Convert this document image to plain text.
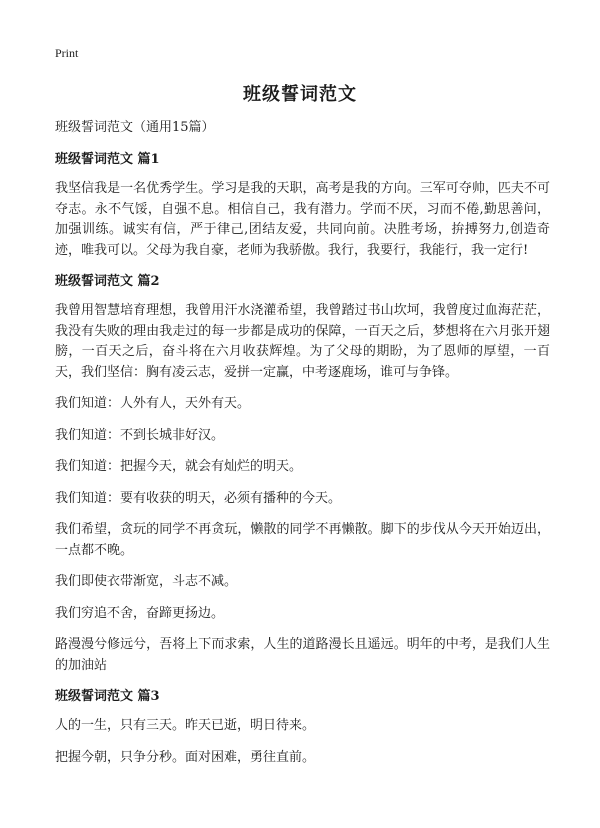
Print
班级誓词范文

班级誓词范文（通用15篇）

班级誓词范文 篇1

我坚信我是一名优秀学生。学习是我的天职，高考是我的方向。三军可夺帅，匹夫不可夺志。永不气馁，自强不息。相信自己，我有潜力。学而不厌，习而不倦,勤思善问，加强训练。诚实有信，严于律己,团结友爱，共同向前。决胜考场，拚搏努力,创造奇迹，唯我可以。父母为我自豪，老师为我骄傲。我行，我要行，我能行，我一定行!

班级誓词范文 篇2

我曾用智慧培育理想，我曾用汗水浇灌希望，我曾踏过书山坎坷，我曾度过血海茫茫，我没有失败的理由我走过的每一步都是成功的保障，一百天之后，梦想将在六月张开翅膀，一百天之后，奋斗将在六月收获辉煌。为了父母的期盼，为了恩师的厚望，一百天，我们坚信：胸有凌云志，爱拼一定赢，中考逐鹿场，谁可与争锋。

我们知道：人外有人，天外有天。

我们知道：不到长城非好汉。

我们知道：把握今天，就会有灿烂的明天。

我们知道：要有收获的明天，必须有播种的今天。

我们希望，贪玩的同学不再贪玩，懒散的同学不再懒散。脚下的步伐从今天开始迈出，一点都不晚。

我们即使衣带渐宽，斗志不减。

我们穷追不舍，奋蹄更扬边。

路漫漫兮修远兮，吾将上下而求索，人生的道路漫长且遥远。明年的中考，是我们人生的加油站

班级誓词范文 篇3

人的一生，只有三天。昨天已逝，明日待来。

把握今朝，只争分秒。面对困难，勇往直前。
